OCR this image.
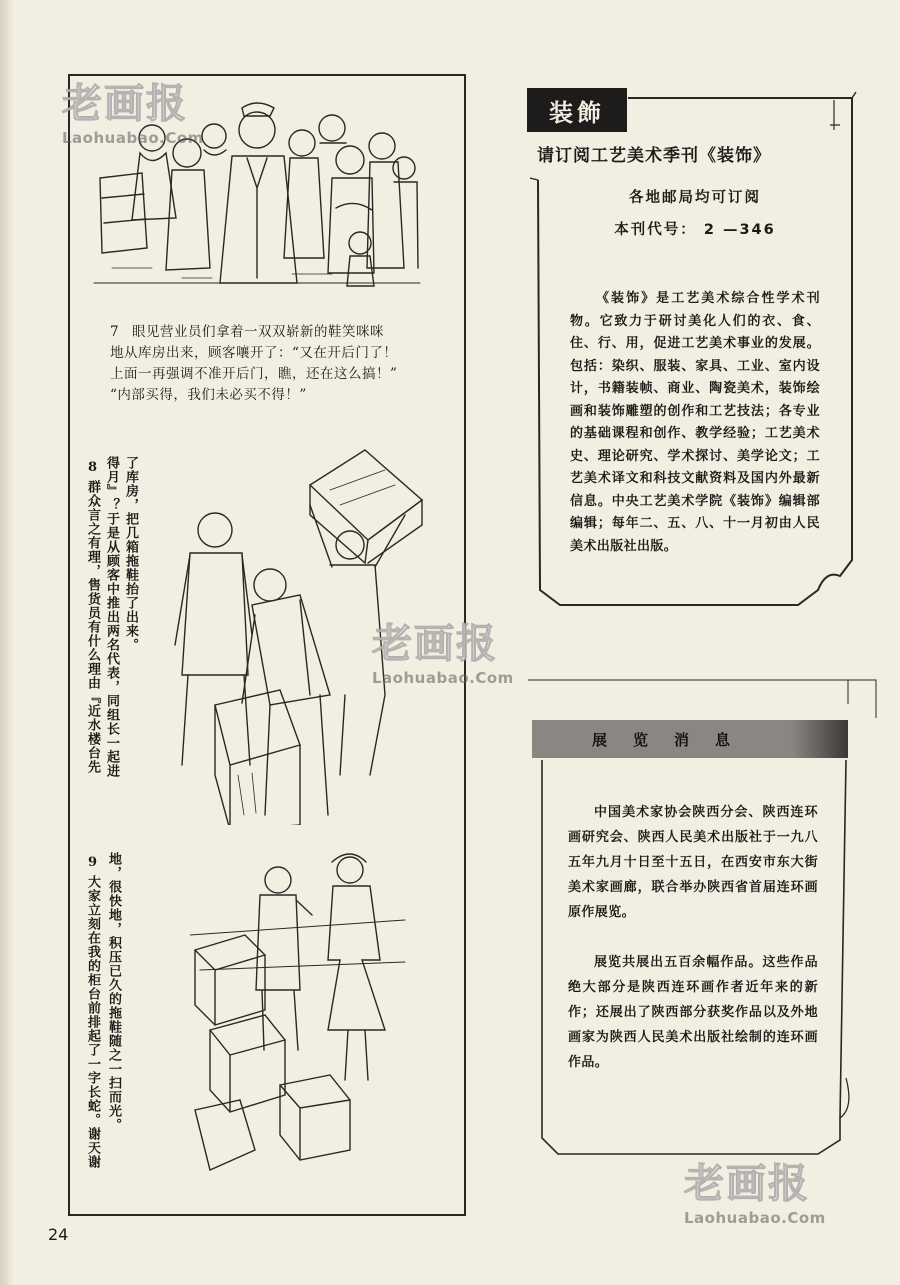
7 眼见营业员们拿着一双双崭新的鞋笑咪咪
地从库房出来，顾客嚷开了：“又在开后门了！
上面一再强调不准开后门，瞧，还在这么搞！”
“内部买得，我们未必买不得！”
8
群众言之有理，售货员有什么理由『近水楼台先 得月』？于是从顾客中推出两名代表，同组长一起进 了库房，把几箱拖鞋抬了出来。
9
大家立刻在我的柜台前排起了一字长蛇。谢天谢 地，很快地，积压已久的拖鞋随之一扫而光。
24
装飾
请订阅工艺美术季刊《装饰》
各地邮局均可订阅
本刊代号： 2 —346
《装饰》是工艺美术综合性学术刊物。它致力于研讨美化人们的衣、食、住、行、用，促进工艺美术事业的发展。包括：染织、服装、家具、工业、室内设计，书籍装帧、商业、陶瓷美术，装饰绘画和装饰雕塑的创作和工艺技法；各专业的基础课程和创作、教学经验；工艺美术史、理论研究、学术探讨、美学论文；工艺美术译文和科技文献资料及国内外最新信息。中央工艺美术学院《装饰》编辑部编辑；每年二、五、八、十一月初由人民美术出版社出版。
展览消息
中国美术家协会陕西分会、陕西连环画研究会、陕西人民美术出版社于一九八五年九月十日至十五日，在西安市东大街美术家画廊，联合举办陕西省首届连环画原作展览。
展览共展出五百余幅作品。这些作品绝大部分是陕西连环画作者近年来的新作；还展出了陕西部分获奖作品以及外地画家为陕西人民美术出版社绘制的连环画作品。
老画报
Laohuabao.Com
老画报
Laohuabao.Com
老画报
Laohuabao.Com
